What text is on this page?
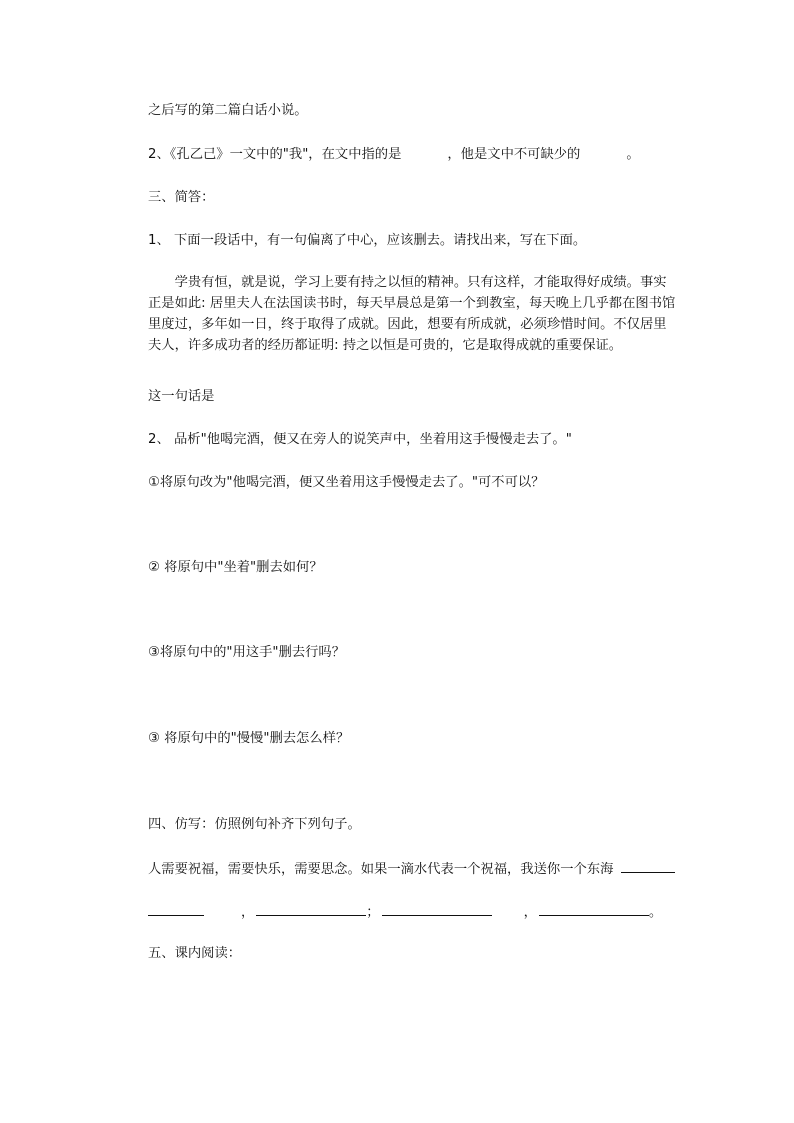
之后写的第二篇白话小说。
2、《孔乙己》一文中的"我"，在文中指的是	，他是文中不可缺少的	。
三、简答：
1、 下面一段话中，有一句偏离了中心，应该删去。请找出来，写在下面。
　　学贵有恒，就是说，学习上要有持之以恒的精神。只有这样，才能取得好成绩。事实正是如此: 居里夫人在法国读书时，每天早晨总是第一个到教室，每天晚上几乎都在图书馆里度过，多年如一日，终于取得了成就。因此，想要有所成就，必须珍惜时间。不仅居里夫人，许多成功者的经历都证明: 持之以恒是可贵的，它是取得成就的重要保证。
这一句话是
2、 品析"他喝完酒，便又在旁人的说笑声中，坐着用这手慢慢走去了。"
①将原句改为"他喝完酒，便又坐着用这手慢慢走去了。"可不可以？
② 将原句中"坐着"删去如何？
③将原句中的"用这手"删去行吗？
③ 将原句中的"慢慢"删去怎么样？
四、仿写：仿照例句补齐下列句子。
人需要祝福，需要快乐，需要思念。如果一滴水代表一个祝福，我送你一个东海
，	；	，	。
五、课内阅读：
